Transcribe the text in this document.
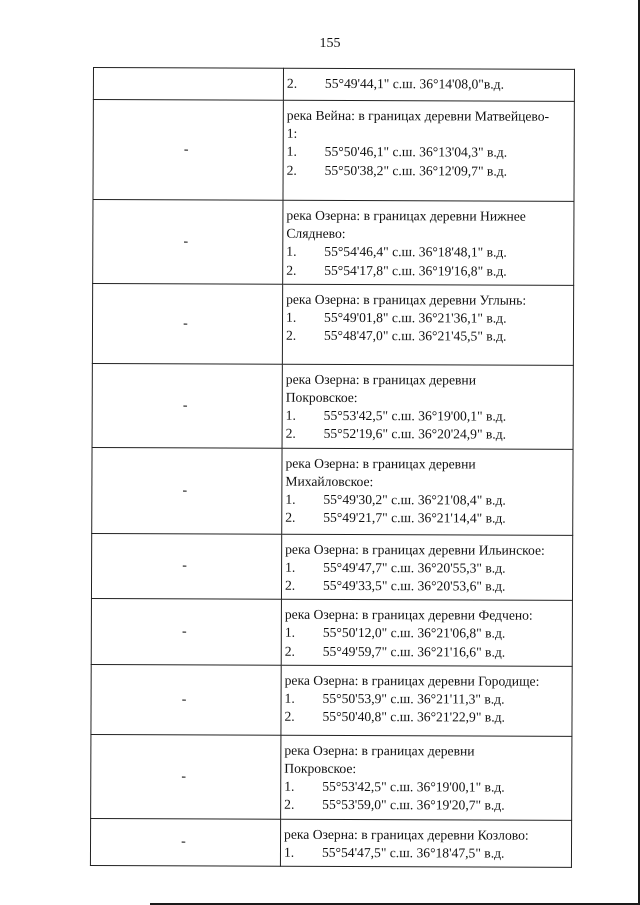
155

	2. 55°49'44,1" с.ш. 36°14'08,0"в.д.

-	река Вейна: в границах деревни Матвейцево-
1:
1. 55°50'46,1" с.ш. 36°13'04,3" в.д.
2. 55°50'38,2" с.ш. 36°12'09,7" в.д.

-	река Озерна: в границах деревни Нижнее
Сляднево:
1. 55°54'46,4" с.ш. 36°18'48,1" в.д.
2. 55°54'17,8" с.ш. 36°19'16,8" в.д.

-	река Озерна: в границах деревни Углынь:
1. 55°49'01,8" с.ш. 36°21'36,1" в.д.
2. 55°48'47,0" с.ш. 36°21'45,5" в.д.

-	река Озерна: в границах деревни
Покровское:
1. 55°53'42,5" с.ш. 36°19'00,1" в.д.
2. 55°52'19,6" с.ш. 36°20'24,9" в.д.

-	река Озерна: в границах деревни
Михайловское:
1. 55°49'30,2" с.ш. 36°21'08,4" в.д.
2. 55°49'21,7" с.ш. 36°21'14,4" в.д.

-	река Озерна: в границах деревни Ильинское:
1. 55°49'47,7" с.ш. 36°20'55,3" в.д.
2. 55°49'33,5" с.ш. 36°20'53,6" в.д.

-	река Озерна: в границах деревни Федчено:
1. 55°50'12,0" с.ш. 36°21'06,8" в.д.
2. 55°49'59,7" с.ш. 36°21'16,6" в.д.

-	река Озерна: в границах деревни Городище:
1. 55°50'53,9" с.ш. 36°21'11,3" в.д.
2. 55°50'40,8" с.ш. 36°21'22,9" в.д.

-	река Озерна: в границах деревни
Покровское:
1. 55°53'42,5" с.ш. 36°19'00,1" в.д.
2. 55°53'59,0" с.ш. 36°19'20,7" в.д.

-	река Озерна: в границах деревни Козлово:
1. 55°54'47,5" с.ш. 36°18'47,5" в.д.
